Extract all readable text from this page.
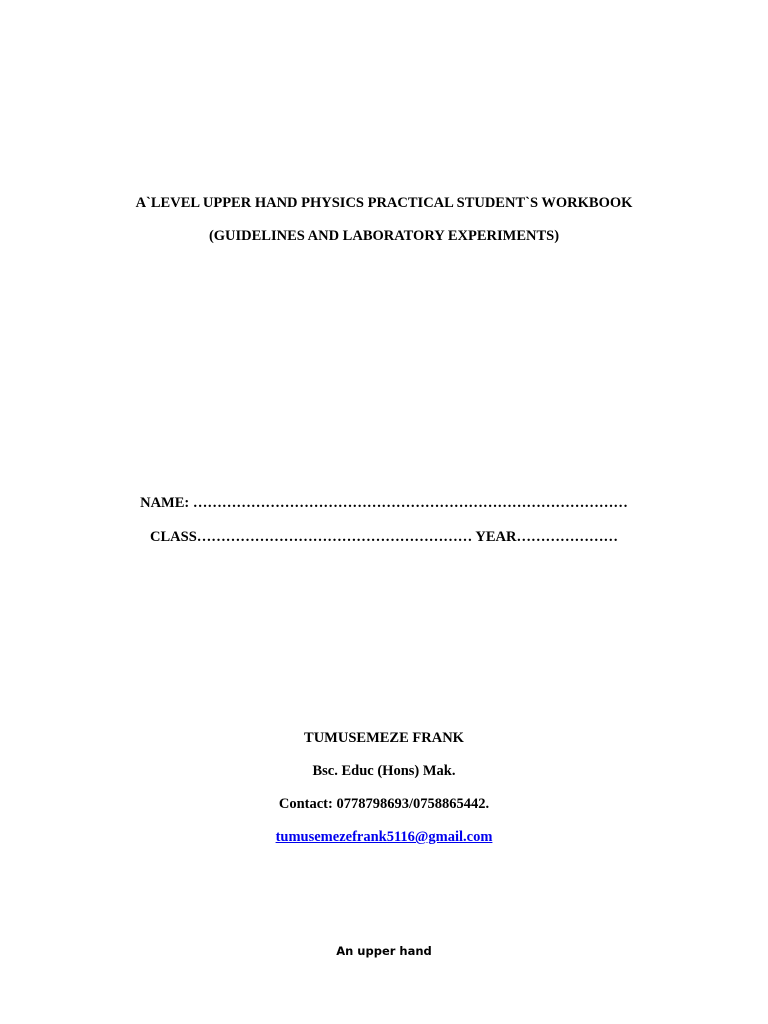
A`LEVEL UPPER HAND PHYSICS PRACTICAL STUDENT`S WORKBOOK
(GUIDELINES AND LABORATORY EXPERIMENTS)
NAME: ………………………………………………………………………………
CLASS………………………………………………… YEAR…………………
TUMUSEMEZE FRANK
Bsc. Educ (Hons) Mak.
Contact: 0778798693/0758865442.
tumusemezefrank5116@gmail.com
An upper hand
